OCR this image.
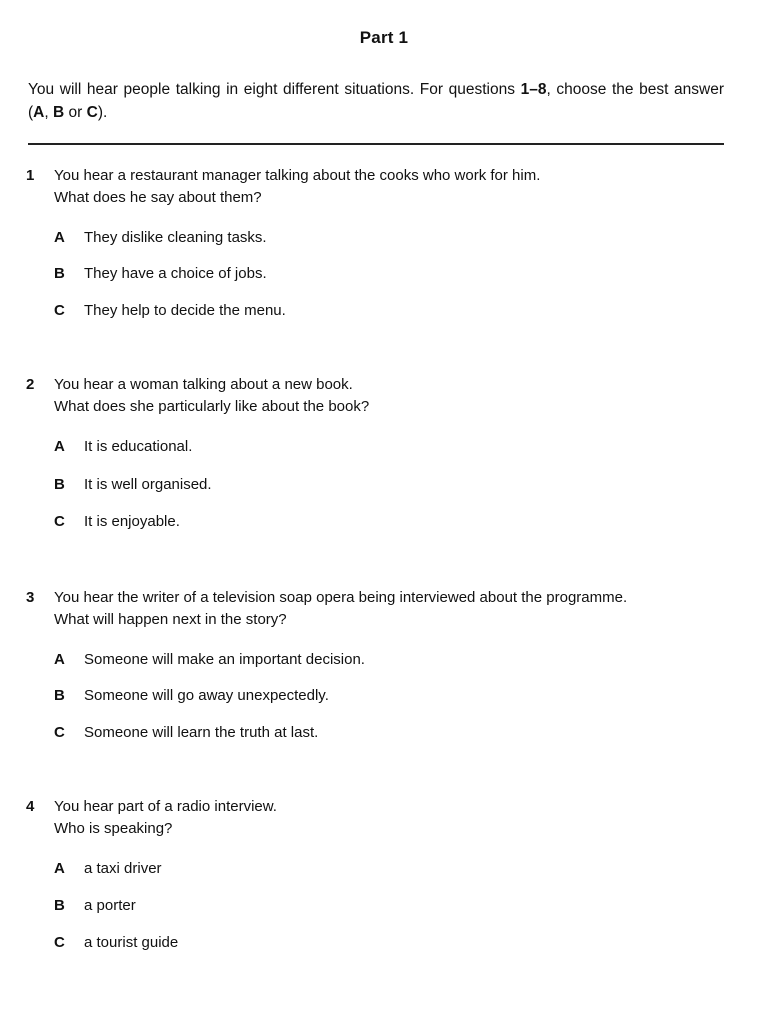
Part 1
You will hear people talking in eight different situations. For questions 1–8, choose the best answer (A, B or C).
1 You hear a restaurant manager talking about the cooks who work for him.
What does he say about them?
A They dislike cleaning tasks.
B They have a choice of jobs.
C They help to decide the menu.
2 You hear a woman talking about a new book.
What does she particularly like about the book?
A It is educational.
B It is well organised.
C It is enjoyable.
3 You hear the writer of a television soap opera being interviewed about the programme.
What will happen next in the story?
A Someone will make an important decision.
B Someone will go away unexpectedly.
C Someone will learn the truth at last.
4 You hear part of a radio interview.
Who is speaking?
A a taxi driver
B a porter
C a tourist guide
